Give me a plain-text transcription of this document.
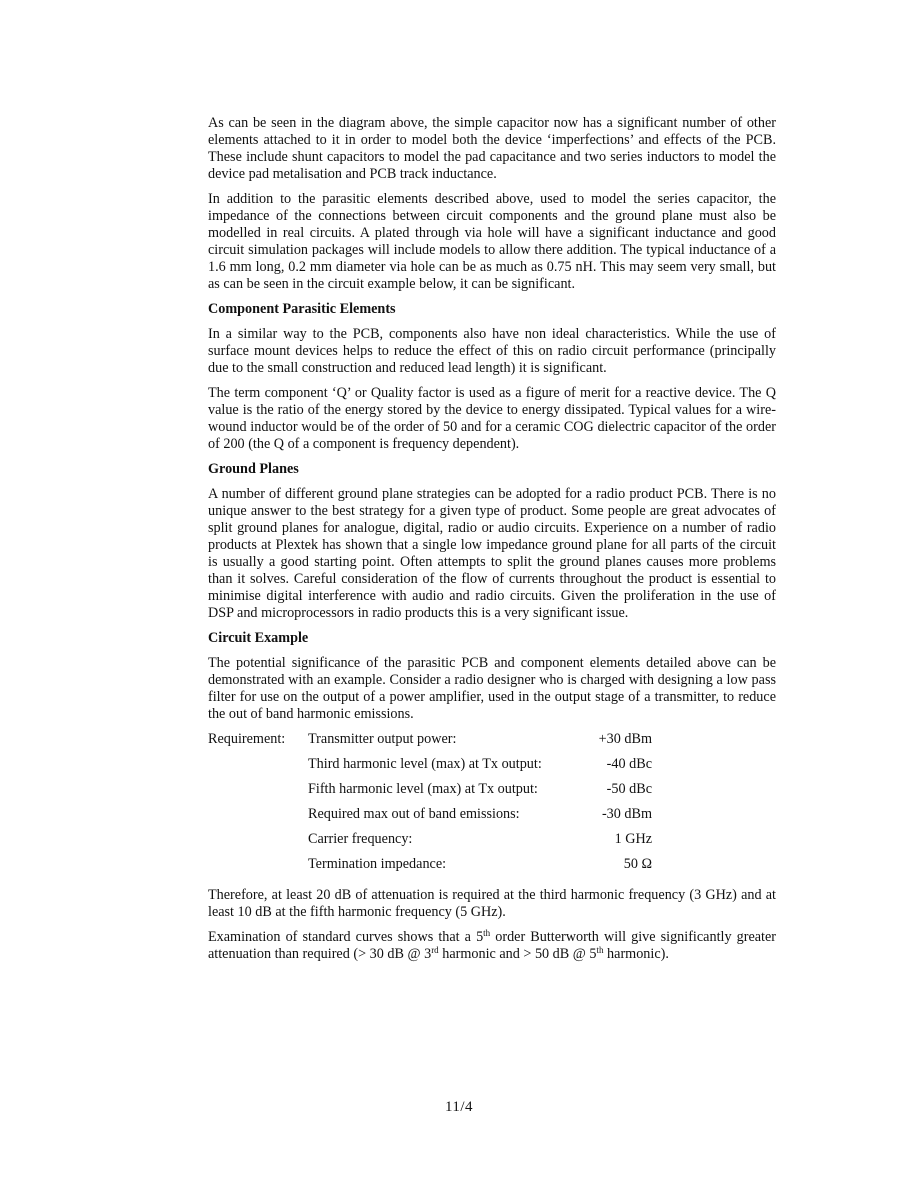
As can be seen in the diagram above, the simple capacitor now has a significant number of other elements attached to it in order to model both the device ‘imperfections’ and effects of the PCB. These include shunt capacitors to model the pad capacitance and two series inductors to model the device pad metalisation and PCB track inductance.

In addition to the parasitic elements described above, used to model the series capacitor, the impedance of the connections between circuit components and the ground plane must also be modelled in real circuits. A plated through via hole will have a significant inductance and good circuit simulation packages will include models to allow there addition. The typical inductance of a 1.6 mm long, 0.2 mm diameter via hole can be as much as 0.75 nH. This may seem very small, but as can be seen in the circuit example below, it can be significant.

Component Parasitic Elements

In a similar way to the PCB, components also have non ideal characteristics. While the use of surface mount devices helps to reduce the effect of this on radio circuit performance (principally due to the small construction and reduced lead length) it is significant.

The term component ‘Q’ or Quality factor is used as a figure of merit for a reactive device. The Q value is the ratio of the energy stored by the device to energy dissipated. Typical values for a wire-wound inductor would be of the order of 50 and for a ceramic COG dielectric capacitor of the order of 200 (the Q of a component is frequency dependent).

Ground Planes

A number of different ground plane strategies can be adopted for a radio product PCB. There is no unique answer to the best strategy for a given type of product. Some people are great advocates of split ground planes for analogue, digital, radio or audio circuits. Experience on a number of radio products at Plextek has shown that a single low impedance ground plane for all parts of the circuit is usually a good starting point. Often attempts to split the ground planes causes more problems than it solves. Careful consideration of the flow of currents throughout the product is essential to minimise digital interference with audio and radio circuits. Given the proliferation in the use of DSP and microprocessors in radio products this is a very significant issue.

Circuit Example

The potential significance of the parasitic PCB and component elements detailed above can be demonstrated with an example. Consider a radio designer who is charged with designing a low pass filter for use on the output of a power amplifier, used in the output stage of a transmitter, to reduce the out of band harmonic emissions.

Requirement:	Transmitter output power:	+30 dBm
	Third harmonic level (max) at Tx output:	-40 dBc
	Fifth harmonic level (max) at Tx output:	-50 dBc
	Required max out of band emissions:	-30 dBm
	Carrier frequency:	1 GHz
	Termination impedance:	50 Ω

Therefore, at least 20 dB of attenuation is required at the third harmonic frequency (3 GHz) and at least 10 dB at the fifth harmonic frequency (5 GHz).

Examination of standard curves shows that a 5th order Butterworth will give significantly greater attenuation than required (> 30 dB @ 3rd harmonic and > 50 dB @ 5th harmonic).

11/4
